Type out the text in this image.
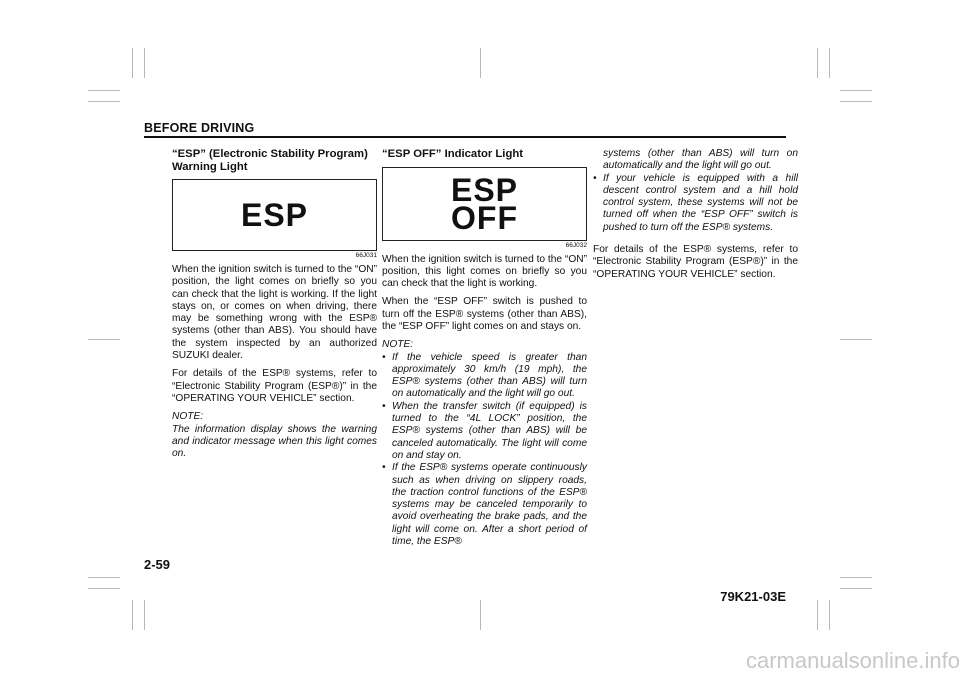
BEFORE DRIVING
“ESP” (Electronic Stability Program) Warning Light
ESP
66J031

When the ignition switch is turned to the “ON” position, the light comes on briefly so you can check that the light is working. If the light stays on, or comes on when driving, there may be something wrong with the ESP® systems (other than ABS). You should have the system inspected by an authorized SUZUKI dealer.

For details of the ESP® systems, refer to “Electronic Stability Program (ESP®)” in the “OPERATING YOUR VEHICLE” section.

NOTE:

The information display shows the warning and indicator message when this light comes on.

“ESP OFF” Indicator Light
ESP
OFF
66J032

When the ignition switch is turned to the “ON” position, this light comes on briefly so you can check that the light is working.

When the “ESP OFF” switch is pushed to turn off the ESP® systems (other than ABS), the “ESP OFF” light comes on and stays on.

NOTE:

• If the vehicle speed is greater than approximately 30 km/h (19 mph), the ESP® systems (other than ABS) will turn on automatically and the light will go out.
• When the transfer switch (if equipped) is turned to the “4L LOCK” position, the ESP® systems (other than ABS) will be canceled automatically. The light will come on and stay on.
• If the ESP® systems operate continuously such as when driving on slippery roads, the traction control functions of the ESP® systems may be canceled temporarily to avoid overheating the brake pads, and the light will come on. After a short period of time, the ESP®
systems (other than ABS) will turn on automatically and the light will go out.
• If your vehicle is equipped with a hill descent control system and a hill hold control system, these systems will not be turned off when the “ESP OFF” switch is pushed to turn off the ESP® systems.

For details of the ESP® systems, refer to “Electronic Stability Program (ESP®)” in the “OPERATING YOUR VEHICLE” section.

2-59
79K21-03E
carmanualsonline.info
